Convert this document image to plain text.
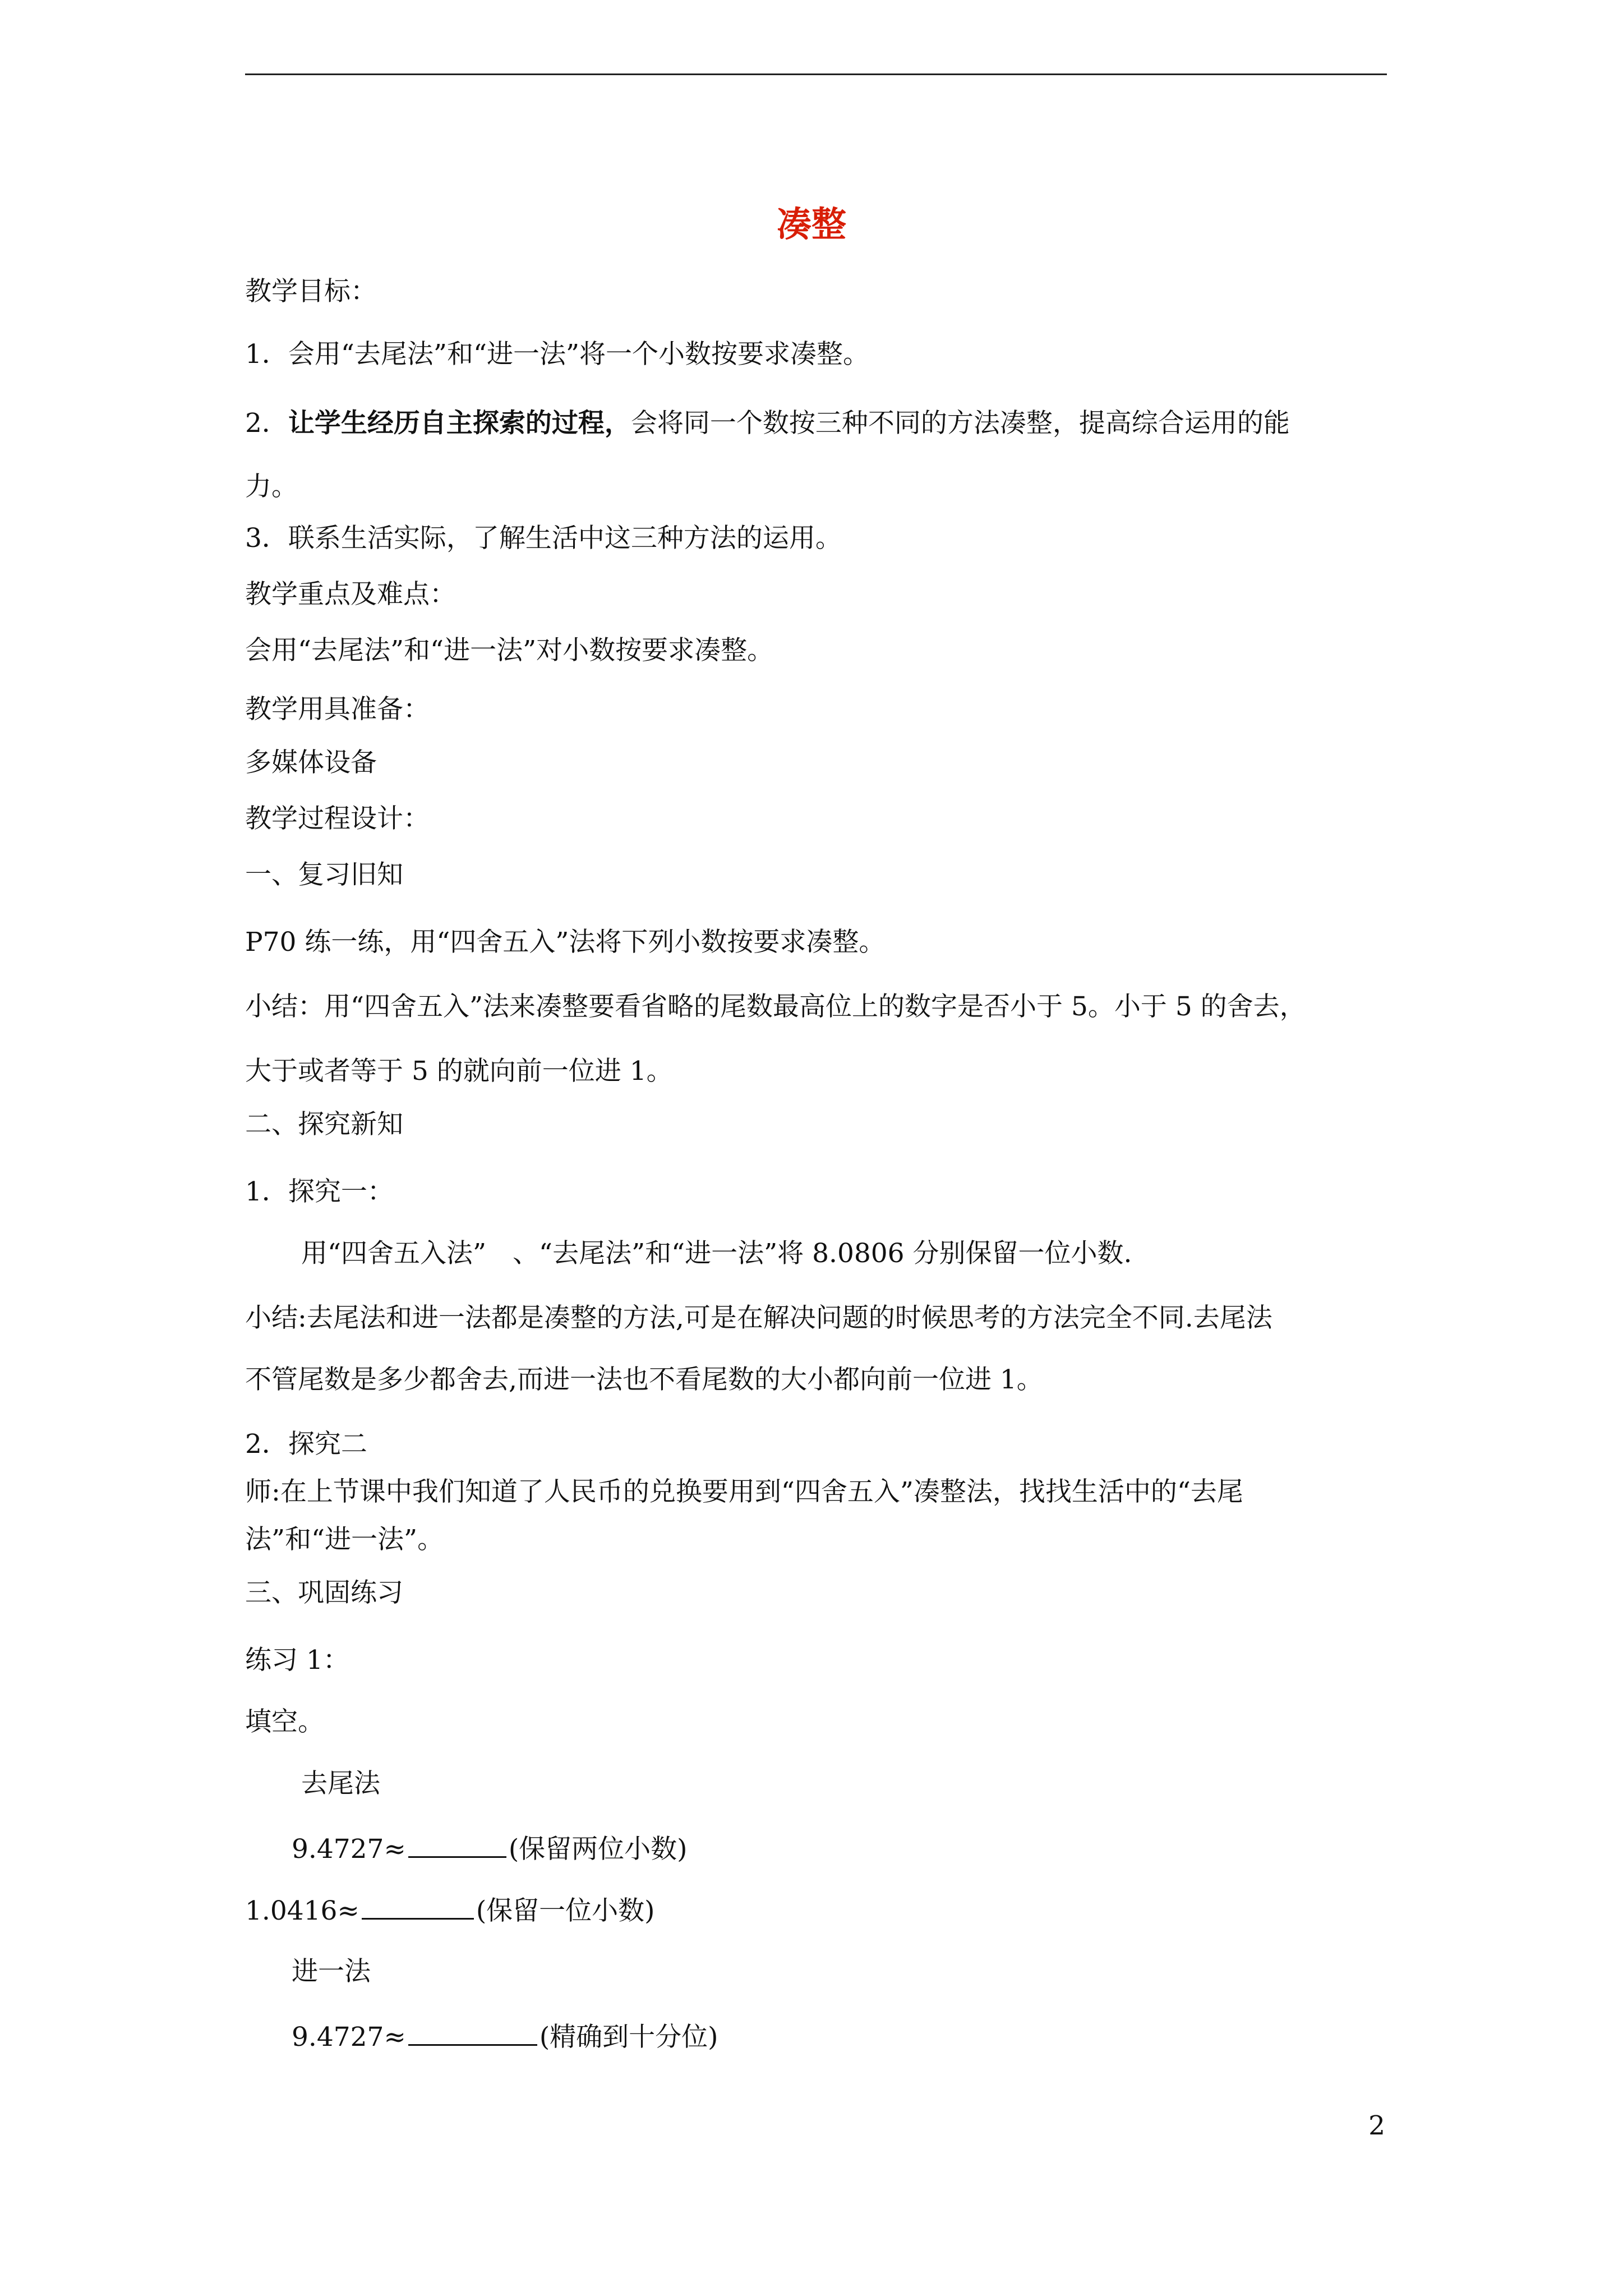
凑整
教学目标：
1．会用“去尾法”和“进一法”将一个小数按要求凑整。
2．让学生经历自主探索的过程，会将同一个数按三种不同的方法凑整，提高综合运用的能
力。
3．联系生活实际，了解生活中这三种方法的运用。
教学重点及难点：
会用“去尾法”和“进一法”对小数按要求凑整。
教学用具准备：
多媒体设备
教学过程设计：
一、复习旧知
P70 练一练，用“四舍五入”法将下列小数按要求凑整。
小结：用“四舍五入”法来凑整要看省略的尾数最高位上的数字是否小于 5。小于 5 的舍去，
大于或者等于 5 的就向前一位进 1。
二、探究新知
1．探究一：
用“四舍五入法”　、“去尾法”和“进一法”将 8.0806 分别保留一位小数.
小结:去尾法和进一法都是凑整的方法,可是在解决问题的时候思考的方法完全不同.去尾法
不管尾数是多少都舍去,而进一法也不看尾数的大小都向前一位进 1。
2．探究二
师:在上节课中我们知道了人民币的兑换要用到“四舍五入”凑整法，找找生活中的“去尾
法”和“进一法”。
三、巩固练习
练习 1：
填空。
去尾法
9.4727≈	(保留两位小数)
1.0416≈	(保留一位小数)
进一法
9.4727≈	(精确到十分位)
2
